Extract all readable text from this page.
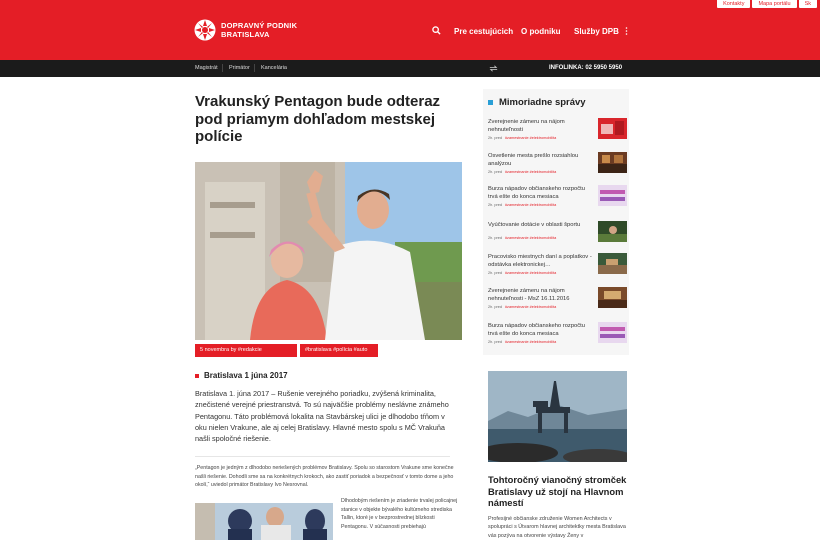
Kontakty	Mapa portálu	Sk
DOPRAVNÝ PODNIK
BRATISLAVA	Pre cestujúcich O podniku Služby DPB
Magistrát Primátor Kancelária	INFOLINKA: 02 5950 5950
Vrakunský Pentagon bude odteraz pod priamym dohľadom mestskej polície
5 novembra by #redakcie	#bratislava #polícia #auto #služby
Bratislava 1 júna 2017

Bratislava 1. júna 2017 – Rušenie verejného poriadku, zvýšená kriminalita, znečistené verejné priestranstvá. To sú najväčšie problémy neslávne známeho Pentagonu. Táto problémová lokalita na Stavbárskej ulici je dlhodobo tŕňom v oku nielen Vrakune, ale aj celej Bratislavy. Hlavné mesto spolu s MČ Vrakuňa našli spoločné riešenie.

„Pentagon je jedným z dlhodobo neriešených problémov Bratislavy. Spolu so starostom Vrakune sme konečne našli riešenie. Dohodli sme sa na konkrétnych krokoch, ako zastiť poriadok a bezpečnosť v tomto dome a jeho okolí,“ uviedol primátor Bratislavy Ivo Nesrovnal.

Dlhodobým riešením je zriadenie trvalej policajnej stanice v objekte bývalého kultúrneho strediska Tallin, ktoré je v bezprostrednej blízkosti Pentagonu. V súčasnosti prebiehajú

Mimoriadne správy
Zverejnenie zámeru na nájom nehnuteľnosti
2h. pred #zamestnanie #elektromobilita
Osvetlenie mesta prešlo rozsiahlou analýzou
2h. pred #zamestnanie #elektromobilita
Burza nápadov občianskeho rozpočtu trvá ešte do konca mesiaca
2h. pred #zamestnanie #elektromobilita
Vyúčtovanie dotácie v oblasti športu
2h. pred #zamestnanie #elektromobilita
Pracovisko miestnych daní a poplatkov - odstávka elektronickej…
2h. pred #zamestnanie #elektromobilita
Zverejnenie zámeru na nájom nehnuteľnosti - MsZ 16.11.2016
2h. pred #zamestnanie #elektromobilita
Burza nápadov občianskeho rozpočtu trvá ešte do konca mesiaca
2h. pred #zamestnanie #elektromobilita
Tohtoročný vianočný stromček Bratislavy už stojí na Hlavnom námestí

Profesijné občianske združenie Women Architects v spolupráci s Útvarom hlavnej architektky mesta Bratislava vás pozýva na otvorenie výstavy Ženy v
